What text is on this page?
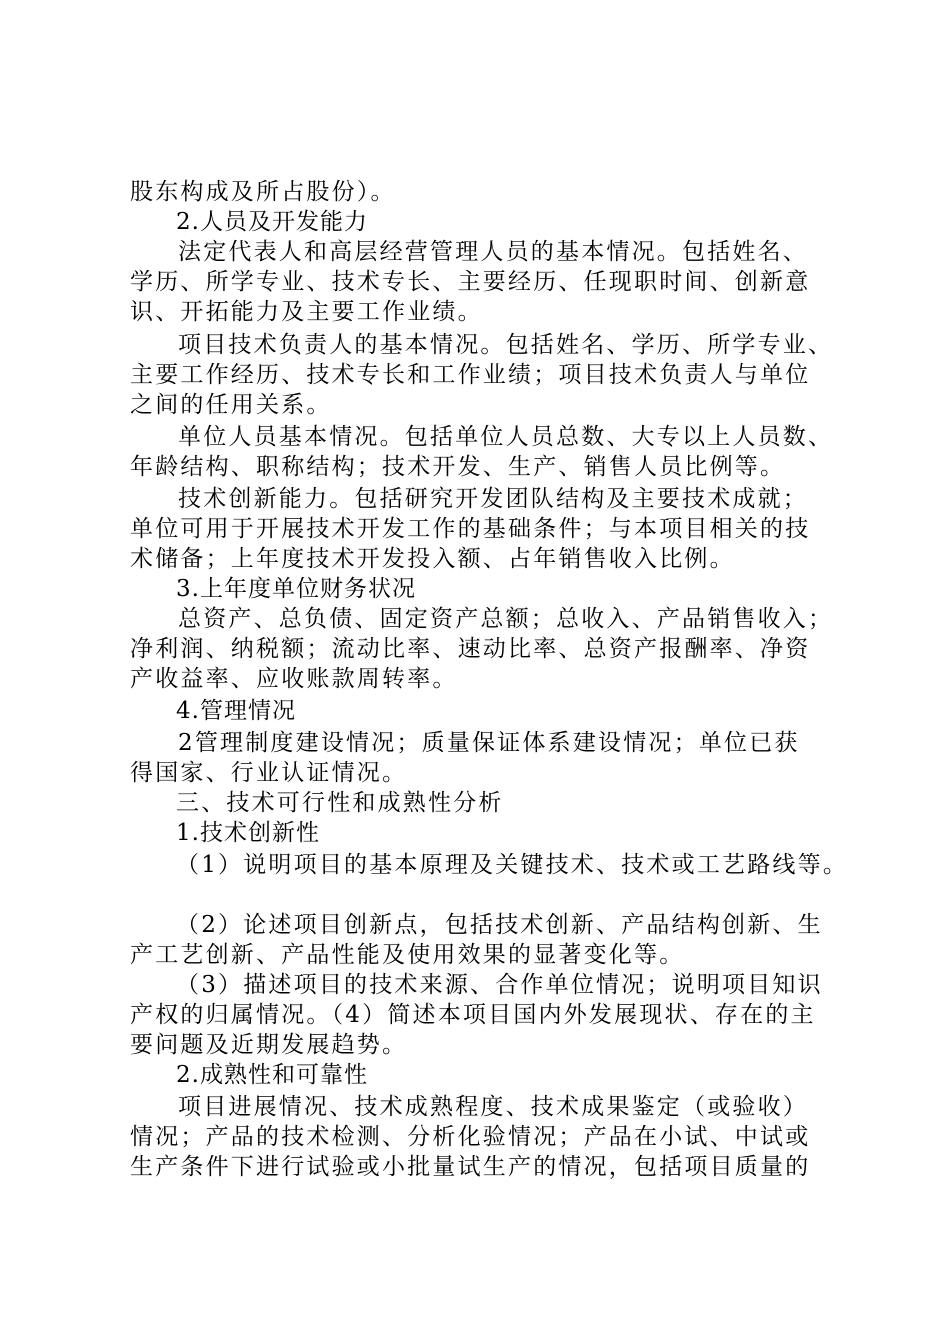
股东构成及所占股份）。
2.人员及开发能力
法定代表人和高层经营管理人员的基本情况。包括姓名、
学历、所学专业、技术专长、主要经历、任现职时间、创新意
识、开拓能力及主要工作业绩。
项目技术负责人的基本情况。包括姓名、学历、所学专业、
主要工作经历、技术专长和工作业绩；项目技术负责人与单位
之间的任用关系。
单位人员基本情况。包括单位人员总数、大专以上人员数、
年龄结构、职称结构；技术开发、生产、销售人员比例等。
技术创新能力。包括研究开发团队结构及主要技术成就；
单位可用于开展技术开发工作的基础条件；与本项目相关的技
术储备；上年度技术开发投入额、占年销售收入比例。
3.上年度单位财务状况
总资产、总负债、固定资产总额；总收入、产品销售收入；
净利润、纳税额；流动比率、速动比率、总资产报酬率、净资
产收益率、应收账款周转率。
4.管理情况
2管理制度建设情况；质量保证体系建设情况；单位已获
得国家、行业认证情况。
三、技术可行性和成熟性分析
1.技术创新性
（1）说明项目的基本原理及关键技术、技术或工艺路线等。
（2）论述项目创新点，包括技术创新、产品结构创新、生
产工艺创新、产品性能及使用效果的显著变化等。
（3）描述项目的技术来源、合作单位情况；说明项目知识
产权的归属情况。（4）简述本项目国内外发展现状、存在的主
要问题及近期发展趋势。
2.成熟性和可靠性
项目进展情况、技术成熟程度、技术成果鉴定（或验收）
情况；产品的技术检测、分析化验情况；产品在小试、中试或
生产条件下进行试验或小批量试生产的情况，包括项目质量的
